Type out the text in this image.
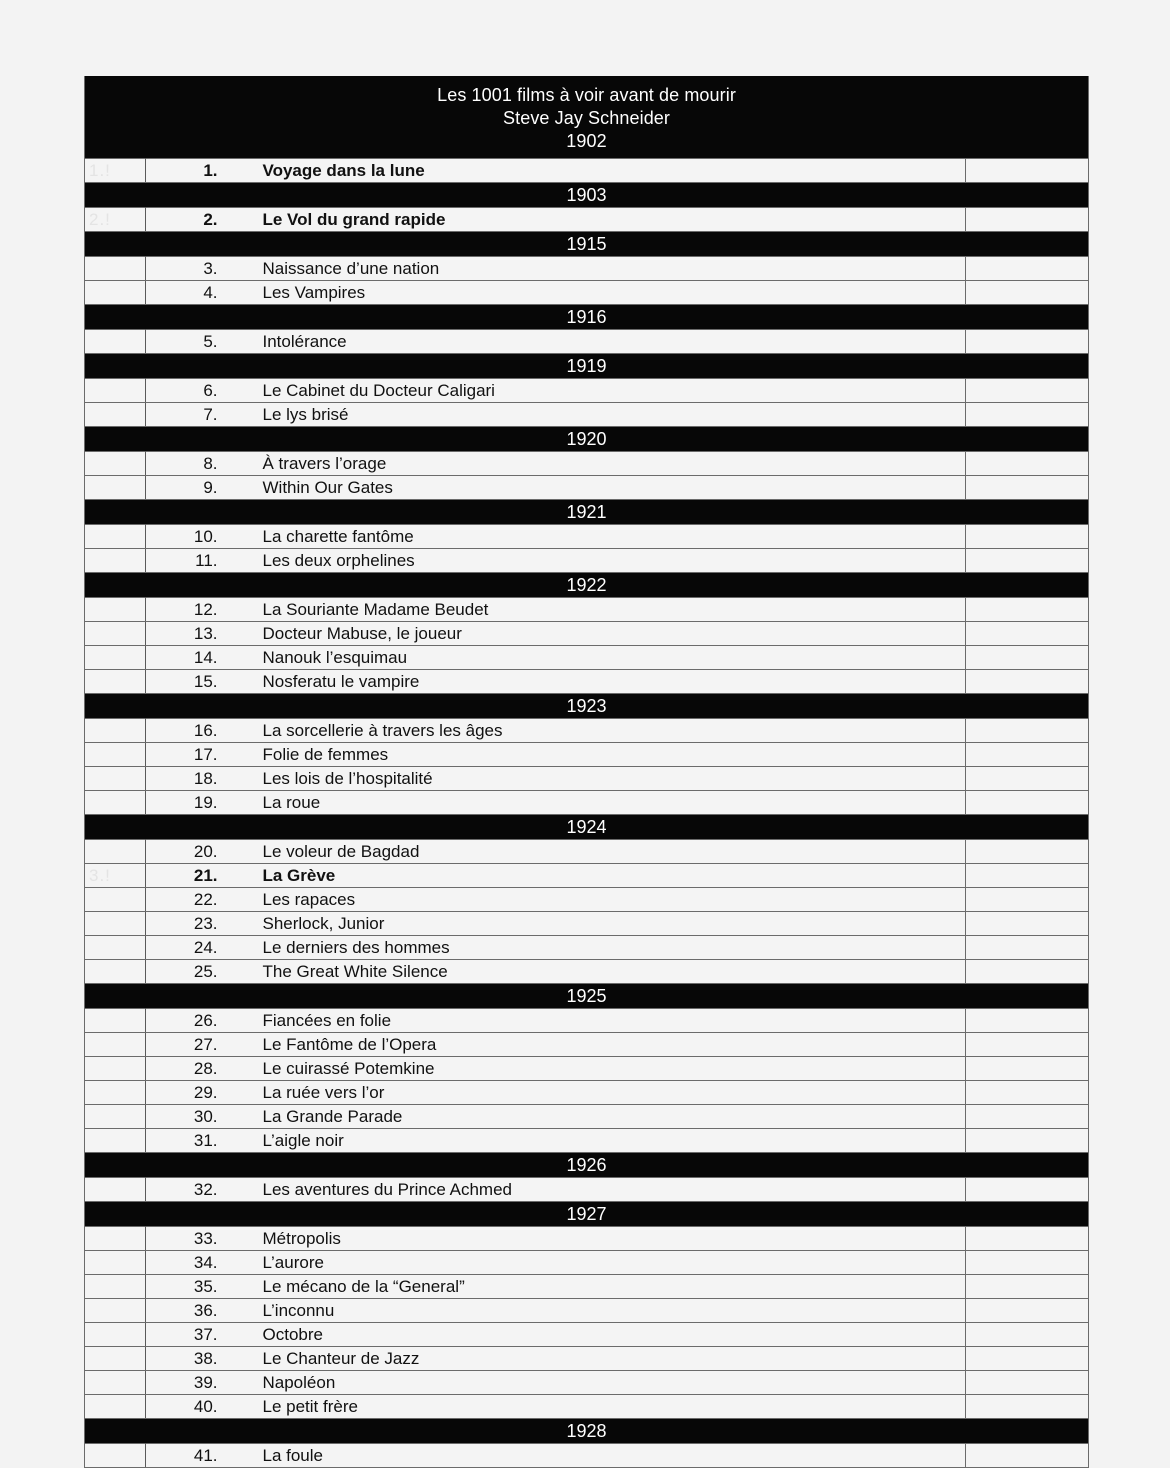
Les 1001 films à voir avant de mourir
Steve Jay Schneider
1902			

1.!	1.	Voyage dans la lune	

1903			

2.!	2.	Le Vol du grand rapide	

1915			

	3.	Naissance d’une nation	
	4.	Les Vampires	

1916			

	5.	Intolérance	

1919			

	6.	Le Cabinet du Docteur Caligari	
	7.	Le lys brisé	

1920			

	8.	À travers l’orage	
	9.	Within Our Gates	

1921			

	10.	La charette fantôme	
	11.	Les deux orphelines	

1922			

	12.	La Souriante Madame Beudet	
	13.	Docteur Mabuse, le joueur	
	14.	Nanouk l’esquimau	
	15.	Nosferatu le vampire	

1923			

	16.	La sorcellerie à travers les âges	
	17.	Folie de femmes	
	18.	Les lois de l’hospitalité	
	19.	La roue	

1924			

	20.	Le voleur de Bagdad	
3.!	21.	La Grève	
	22.	Les rapaces	
	23.	Sherlock, Junior	
	24.	Le derniers des hommes	
	25.	The Great White Silence	

1925			

	26.	Fiancées en folie	
	27.	Le Fantôme de l’Opera	
	28.	Le cuirassé Potemkine	
	29.	La ruée vers l’or	
	30.	La Grande Parade	
	31.	L’aigle noir	

1926			

	32.	Les aventures du Prince Achmed	

1927			

	33.	Métropolis	
	34.	L’aurore	
	35.	Le mécano de la “General”	
	36.	L’inconnu	
	37.	Octobre	
	38.	Le Chanteur de Jazz	
	39.	Napoléon	
	40.	Le petit frère	

1928			

	41.	La foule	
